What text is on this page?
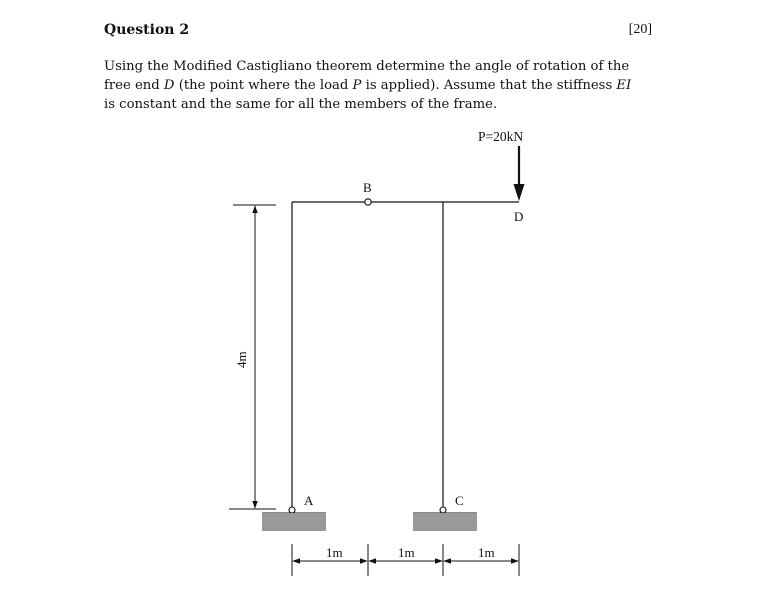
Question 2	[20]
Using the Modified Castigliano theorem determine the angle of rotation of the
free end D (the point where the load P is applied). Assume that the stiffness EI
is constant and the same for all the members of the frame.
P=20kN
B
D
A	C
4m
1m	1m	1m
